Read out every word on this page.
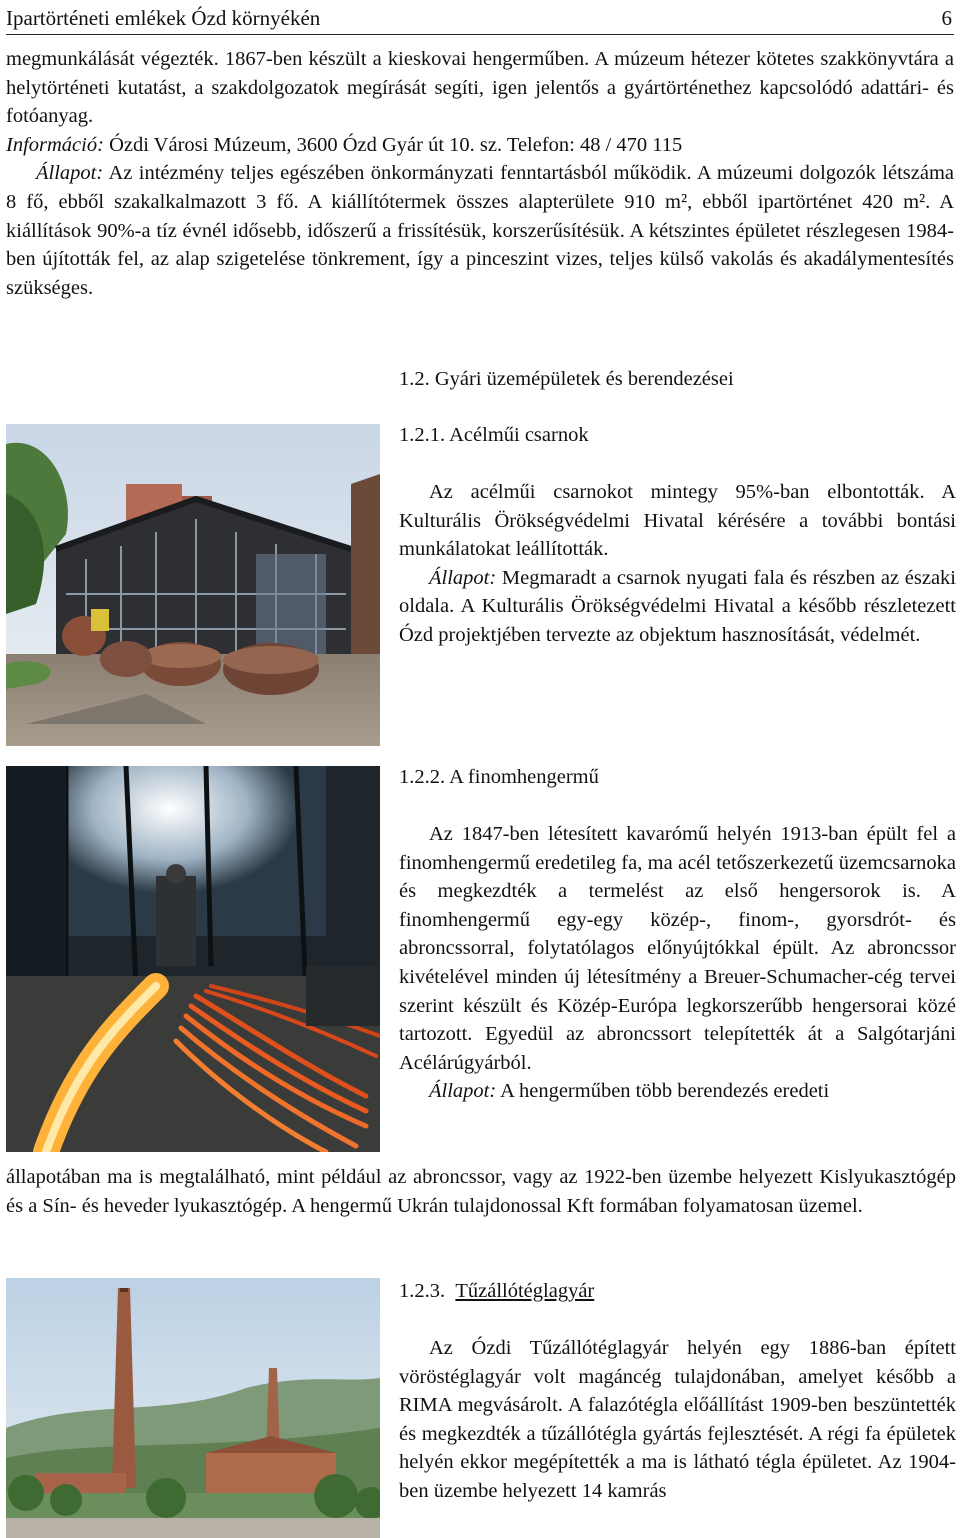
Ipartörténeti emlékek Ózd környékén	6

megmunkálását végezték. 1867-ben készült a kieskovai hengerműben. A múzeum hétezer kötetes szakkönyvtára a helytörténeti kutatást, a szakdolgozatok megírását segíti, igen jelentős a gyártörténethez kapcsolódó adattári- és fotóanyag.

Információ: Ózdi Városi Múzeum, 3600 Ózd Gyár út 10. sz. Telefon: 48 / 470 115

Állapot: Az intézmény teljes egészében önkormányzati fenntartásból működik. A múzeumi dolgozók létszáma 8 fő, ebből szakalkalmazott 3 fő. A kiállítótermek összes alapterülete 910 m², ebből ipartörténet 420 m². A kiállítások 90%-a tíz évnél idősebb, időszerű a frissítésük, korszerűsítésük. A kétszintes épületet részlegesen 1984-ben újították fel, az alap szigetelése tönkrement, így a pinceszint vizes, teljes külső vakolás és akadálymentesítés szükséges.

1.2. Gyári üzemépületek és berendezései
1.2.1. Acélműi csarnok

Az acélműi csarnokot mintegy 95%-ban elbontották. A Kulturális Örökségvédelmi Hivatal kérésére a további bontási munkálatokat leállították.

Állapot: Megmaradt a csarnok nyugati fala és részben az északi oldala. A Kulturális Örökségvédelmi Hivatal a később részletezett Ózd projektjében tervezte az objektum hasznosítását, védelmét.

1.2.2. A finomhengermű

Az 1847-ben létesített kavarómű helyén 1913-ban épült fel a finomhengermű eredetileg fa, ma acél tetőszerkezetű üzemcsarnoka és megkezdték a termelést az első hengersorok is. A finomhengermű egy-egy közép-, finom-, gyorsdrót- és abroncssorral, folytatólagos előnyújtókkal épült. Az abroncssor kivételével minden új létesítmény a Breuer-Schumacher-cég tervei szerint készült és Közép-Európa legkorszerűbb hengersorai közé tartozott. Egyedül az abroncssort telepítették át a Salgótarjáni Acélárúgyárból.

Állapot: A hengerműben több berendezés eredeti

állapotában ma is megtalálható, mint például az abroncssor, vagy az 1922-ben üzembe helyezett Kislyukasztógép és a Sín- és heveder lyukasztógép. A hengermű Ukrán tulajdonossal Kft formában folyamatosan üzemel.

1.2.3. Tűzállótéglagyár

Az Ózdi Tűzállótéglagyár helyén egy 1886-ban épített vöröstéglagyár volt magáncég tulajdonában, amelyet később a RIMA megvásárolt. A falazótégla előállítást 1909-ben beszüntették és megkezdték a tűzállótégla gyártás fejlesztését. A régi fa épületek helyén ekkor megépítették a ma is látható tégla épületet. Az 1904-ben üzembe helyezett 14 kamrás
